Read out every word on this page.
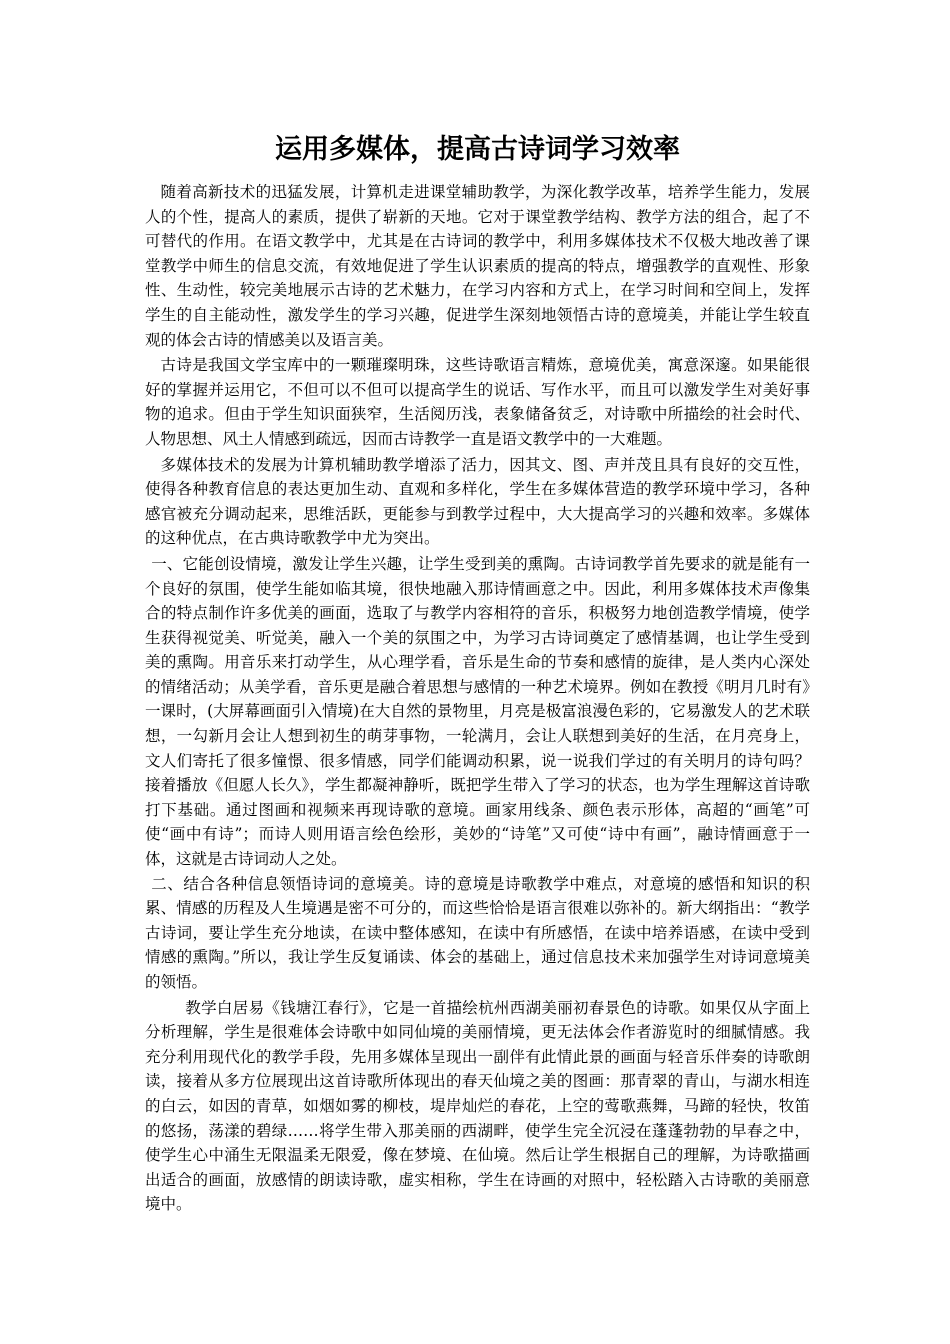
运用多媒体，提高古诗词学习效率

随着高新技术的迅猛发展，计算机走进课堂辅助教学，为深化教学改革，培养学生能力，发展人的个性，提高人的素质，提供了崭新的天地。它对于课堂教学结构、教学方法的组合，起了不可替代的作用。在语文教学中，尤其是在古诗词的教学中，利用多媒体技术不仅极大地改善了课堂教学中师生的信息交流，有效地促进了学生认识素质的提高的特点，增强教学的直观性、形象性、生动性，较完美地展示古诗的艺术魅力，在学习内容和方式上，在学习时间和空间上，发挥学生的自主能动性，激发学生的学习兴趣，促进学生深刻地领悟古诗的意境美，并能让学生较直观的体会古诗的情感美以及语言美。

古诗是我国文学宝库中的一颗璀璨明珠，这些诗歌语言精炼，意境优美，寓意深邃。如果能很好的掌握并运用它，不但可以不但可以提高学生的说话、写作水平，而且可以激发学生对美好事物的追求。但由于学生知识面狭窄，生活阅历浅，表象储备贫乏，对诗歌中所描绘的社会时代、人物思想、风土人情感到疏远，因而古诗教学一直是语文教学中的一大难题。

多媒体技术的发展为计算机辅助教学增添了活力，因其文、图、声并茂且具有良好的交互性，使得各种教育信息的表达更加生动、直观和多样化，学生在多媒体营造的教学环境中学习，各种感官被充分调动起来，思维活跃，更能参与到教学过程中，大大提高学习的兴趣和效率。多媒体的这种优点，在古典诗歌教学中尤为突出。

一、它能创设情境，激发让学生兴趣，让学生受到美的熏陶。古诗词教学首先要求的就是能有一个良好的氛围，使学生能如临其境，很快地融入那诗情画意之中。因此，利用多媒体技术声像集合的特点制作许多优美的画面，选取了与教学内容相符的音乐，积极努力地创造教学情境，使学生获得视觉美、听觉美，融入一个美的氛围之中，为学习古诗词奠定了感情基调，也让学生受到美的熏陶。用音乐来打动学生，从心理学看，音乐是生命的节奏和感情的旋律，是人类内心深处的情绪活动；从美学看，音乐更是融合着思想与感情的一种艺术境界。例如在教授《明月几时有》一课时，(大屏幕画面引入情境)在大自然的景物里，月亮是极富浪漫色彩的，它易激发人的艺术联想，一勾新月会让人想到初生的萌芽事物，一轮满月，会让人联想到美好的生活，在月亮身上，文人们寄托了很多憧憬、很多情感，同学们能调动积累，说一说我们学过的有关明月的诗句吗？接着播放《但愿人长久》，学生都凝神静听，既把学生带入了学习的状态，也为学生理解这首诗歌打下基础。通过图画和视频来再现诗歌的意境。画家用线条、颜色表示形体，高超的“画笔”可使“画中有诗”；而诗人则用语言绘色绘形，美妙的“诗笔”又可使“诗中有画”，融诗情画意于一体，这就是古诗词动人之处。

二、结合各种信息领悟诗词的意境美。诗的意境是诗歌教学中难点，对意境的感悟和知识的积累、情感的历程及人生境遇是密不可分的，而这些恰恰是语言很难以弥补的。新大纲指出：“教学古诗词，要让学生充分地读，在读中整体感知，在读中有所感悟，在读中培养语感，在读中受到情感的熏陶。”所以，我让学生反复诵读、体会的基础上，通过信息技术来加强学生对诗词意境美的领悟。

教学白居易《钱塘江春行》，它是一首描绘杭州西湖美丽初春景色的诗歌。如果仅从字面上分析理解，学生是很难体会诗歌中如同仙境的美丽情境，更无法体会作者游览时的细腻情感。我充分利用现代化的教学手段，先用多媒体呈现出一副伴有此情此景的画面与轻音乐伴奏的诗歌朗读，接着从多方位展现出这首诗歌所体现出的春天仙境之美的图画：那青翠的青山，与湖水相连的白云，如因的青草，如烟如雾的柳枝，堤岸灿烂的春花，上空的莺歌燕舞，马蹄的轻快，牧笛的悠扬，荡漾的碧绿……将学生带入那美丽的西湖畔，使学生完全沉浸在蓬蓬勃勃的早春之中，使学生心中涌生无限温柔无限爱，像在梦境、在仙境。然后让学生根据自己的理解，为诗歌描画出适合的画面，放感情的朗读诗歌，虚实相称，学生在诗画的对照中，轻松踏入古诗歌的美丽意境中。
